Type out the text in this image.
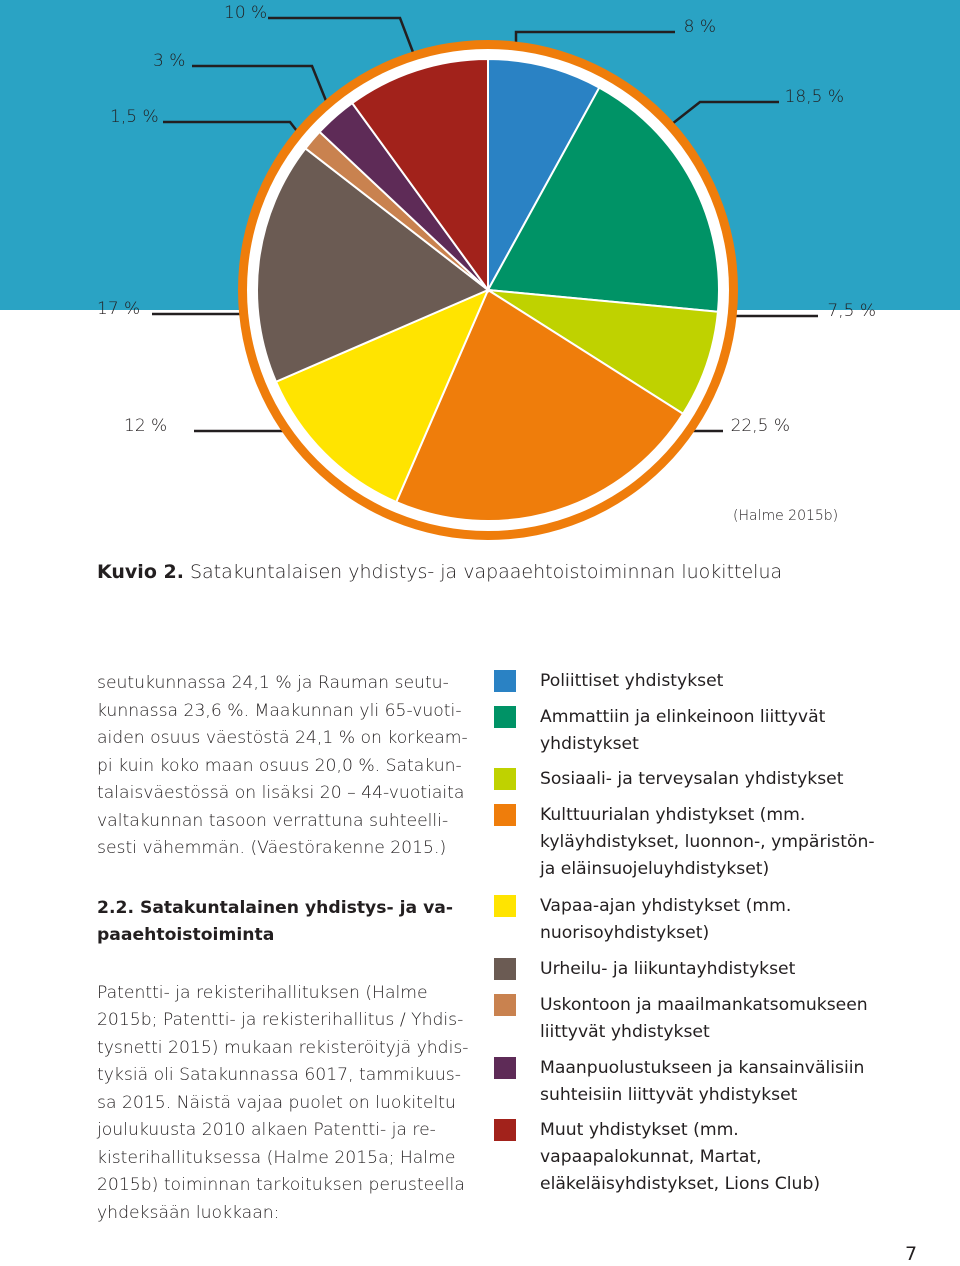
8 %
18,5 %
7,5 %
22,5 %
12 %
17 %
1,5 %
3 %
10 %
(Halme 2015b)
Kuvio 2. Satakuntalaisen yhdistys- ja vapaaehtoistoiminnan luokittelua

seutukunnassa 24,1 % ja Rauman seutukunnassa 23,6 %. Maakunnan yli 65-vuotiaiden osuus väestöstä 24,1 % on korkeampi kuin koko maan osuus 20,0 %. Satakuntalaisväestössä on lisäksi 20 – 44-vuotiaita valtakunnan tasoon verrattuna suhteellisesti vähemmän. (Väestörakenne 2015.)

2.2. Satakuntalainen yhdistys- ja vapaaehtoistoiminta

Patentti- ja rekisterihallituksen (Halme 2015b; Patentti- ja rekisterihallitus / Yhdistysnetti 2015) mukaan rekisteröityjä yhdistyksiä oli Satakunnassa 6017, tammikuussa 2015. Näistä vajaa puolet on luokiteltu joulukuusta 2010 alkaen Patentti- ja rekisterihallituksessa (Halme 2015a; Halme 2015b) toiminnan tarkoituksen perusteella yhdeksään luokkaan:

Poliittiset yhdistykset
Ammattiin ja elinkeinoon liittyvät yhdistykset
Sosiaali- ja terveysalan yhdistykset
Kulttuurialan yhdistykset (mm. kyläyhdistykset, luonnon-, ympäristön- ja eläinsuojeluyhdistykset)
Vapaa-ajan yhdistykset (mm. nuorisoyhdistykset)
Urheilu- ja liikuntayhdistykset
Uskontoon ja maailmankatsomukseen liittyvät yhdistykset
Maanpuolustukseen ja kansainvälisiin suhteisiin liittyvät yhdistykset
Muut yhdistykset (mm. vapaapalokunnat, Martat, eläkeläisyhdistykset, Lions Club)
7
